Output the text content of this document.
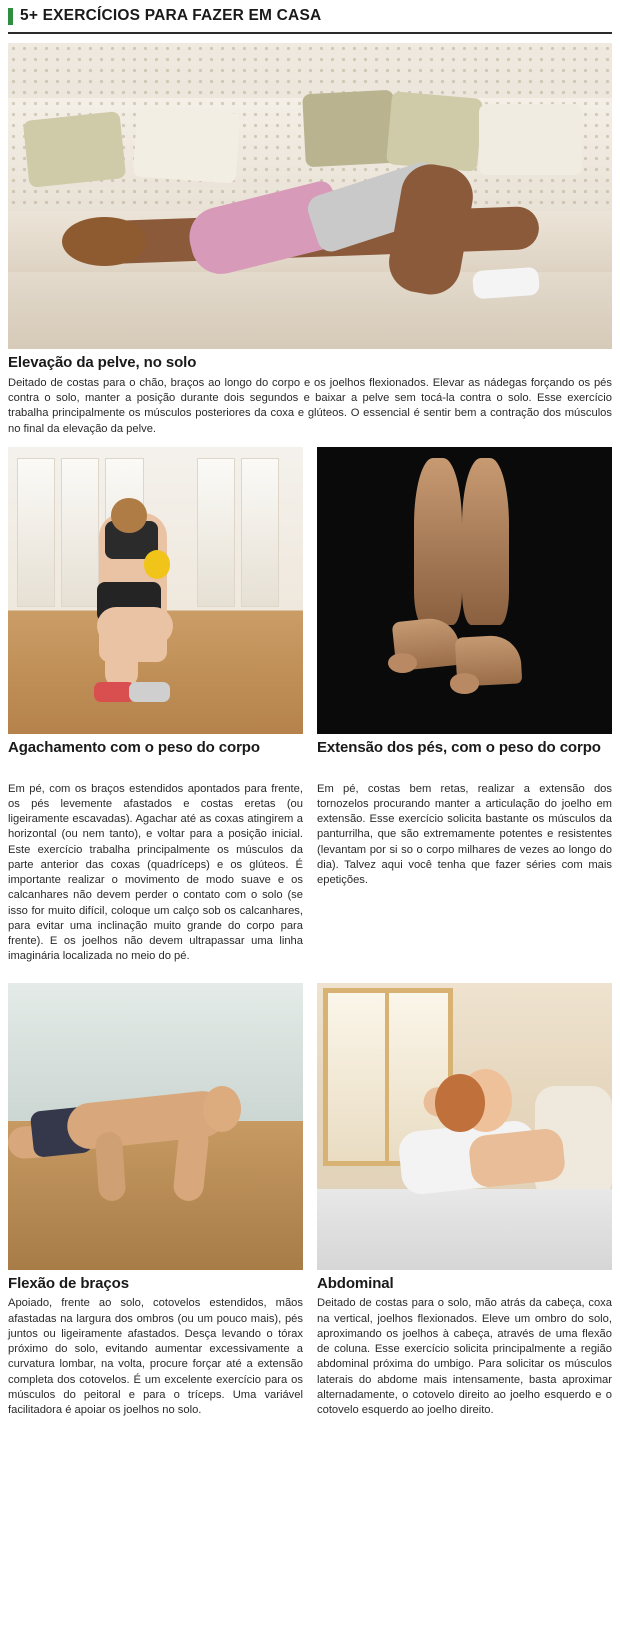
5+ EXERCÍCIOS PARA FAZER EM CASA
Elevação da pelve, no solo
Deitado de costas para o chão, braços ao longo do corpo e os joelhos flexionados. Elevar as nádegas forçando os pés contra o solo, manter a posição durante dois segundos e baixar a pelve sem tocá-la contra o solo. Esse exercício trabalha principalmente os músculos posteriores da coxa e glúteos. O essencial é sentir bem a contração dos músculos no final da elevação da pelve.
Agachamento com o peso do corpo
Em pé, com os braços estendidos apontados para frente, os pés levemente afastados e costas eretas (ou ligeiramente escavadas). Agachar até as coxas atingirem a horizontal (ou nem tanto), e voltar para a posição inicial. Este exercício trabalha principalmente os músculos da parte anterior das coxas (quadríceps) e os glúteos. É importante realizar o movimento de modo suave e os calcanhares não devem perder o contato com o solo (se isso for muito difícil, coloque um calço sob os calcanhares, para evitar uma inclinação muito grande do corpo para frente). E os joelhos não devem ultrapassar uma linha imaginária localizada no meio do pé.
Extensão dos pés, com o peso do corpo
Em pé, costas bem retas, realizar a extensão dos tornozelos procurando manter a articulação do joelho em extensão. Esse exercício solicita bastante os músculos da panturrilha, que são extremamente potentes e resistentes (levantam por si so o corpo milhares de vezes ao longo do dia). Talvez aqui você tenha que fazer séries com mais epetições.
Flexão de braços
Apoiado, frente ao solo, cotovelos estendidos, mãos afastadas na largura dos ombros (ou um pouco mais), pés juntos ou ligeiramente afastados. Desça levando o tórax próximo do solo, evitando aumentar excessivamente a curvatura lombar, na volta, procure forçar até a extensão completa dos cotovelos. É um excelente exercício para os músculos do peitoral e para o tríceps. Uma variável facilitadora é apoiar os joelhos no solo.
Abdominal
Deitado de costas para o solo, mão atrás da cabeça, coxa na vertical, joelhos flexionados. Eleve um ombro do solo, aproximando os joelhos à cabeça, através de uma flexão de coluna. Esse exercício solicita principalmente a região abdominal próxima do umbigo. Para solicitar os músculos laterais do abdome mais intensamente, basta aproximar alternadamente, o cotovelo direito ao joelho esquerdo e o cotovelo esquerdo ao joelho direito.
